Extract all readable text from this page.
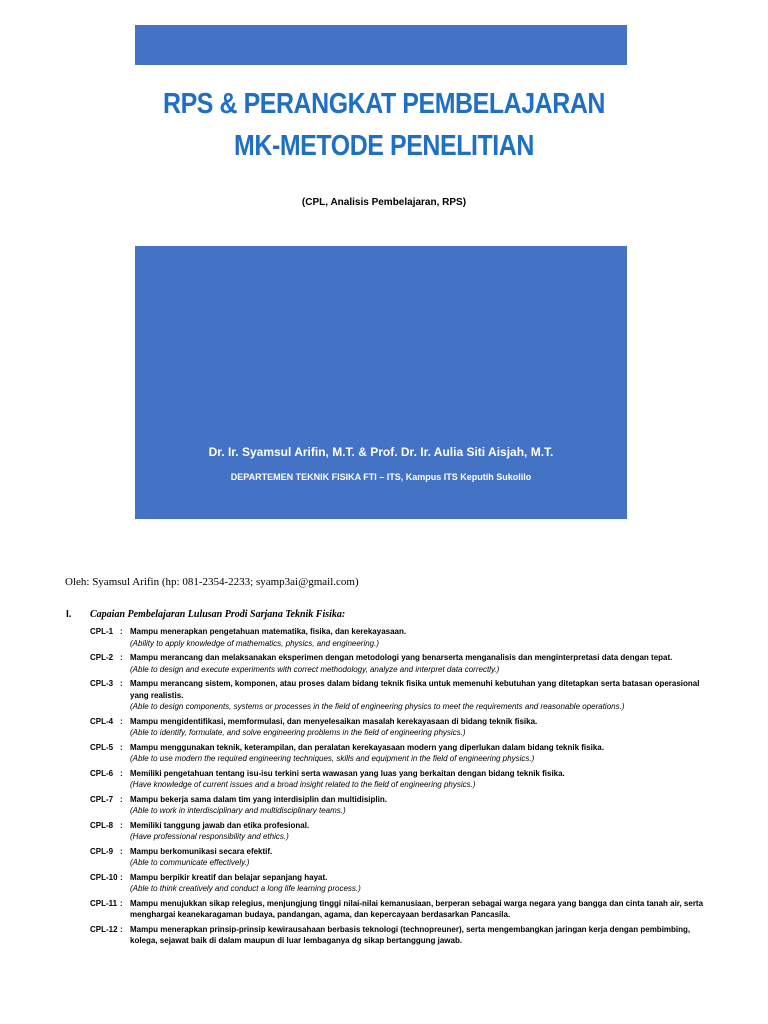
RPS & PERANGKAT PEMBELAJARAN
MK-METODE PENELITIAN
(CPL, Analisis Pembelajaran, RPS)
Dr. Ir. Syamsul Arifin, M.T. & Prof. Dr. Ir. Aulia Siti Aisjah, M.T.
DEPARTEMEN TEKNIK FISIKA FTI – ITS, Kampus ITS Keputih Sukolilo
Oleh: Syamsul Arifin (hp: 081-2354-2233; syamp3ai@gmail.com)
I.	Capaian Pembelajaran Lulusan Prodi Sarjana Teknik Fisika:
CPL-1 : Mampu menerapkan pengetahuan matematika, fisika, dan kerekayasaan.
(Ability to apply knowledge of mathematics, physics, and engineering.)
CPL-2 : Mampu merancang dan melaksanakan eksperimen dengan metodologi yang benarserta menganalisis dan menginterpretasi data dengan tepat.
(Able to design and execute experiments with correct methodology, analyze and interpret data correctly.)
CPL-3 : Mampu merancang sistem, komponen, atau proses dalam bidang teknik fisika untuk memenuhi kebutuhan yang ditetapkan serta batasan operasional yang realistis.
(Able to design components, systems or processes in the field of engineering physics to meet the requirements and reasonable operations.)
CPL-4 : Mampu mengidentifikasi, memformulasi, dan menyelesaikan masalah kerekayasaan di bidang teknik fisika.
(Able to identify, formulate, and solve engineering problems in the field of engineering physics.)
CPL-5 : Mampu menggunakan teknik, keterampilan, dan peralatan kerekayasaan modern yang diperlukan dalam bidang teknik fisika.
(Able to use modern the required engineering techniques, skills and equipment in the field of engineering physics.)
CPL-6 : Memiliki pengetahuan tentang isu-isu terkini serta wawasan yang luas yang berkaitan dengan bidang teknik fisika.
(Have knowledge of current issues and a broad insight related to the field of engineering physics.)
CPL-7 : Mampu bekerja sama dalam tim yang interdisiplin dan multidisiplin.
(Able to work in interdisciplinary and multidisciplinary teams.)
CPL-8 : Memiliki tanggung jawab dan etika profesional.
(Have professional responsibility and ethics.)
CPL-9 : Mampu berkomunikasi secara efektif.
(Able to communicate effectively.)
CPL-10 : Mampu berpikir kreatif dan belajar sepanjang hayat.
(Able to think creatively and conduct a long life learning process.)
CPL-11 : Mampu menujukkan sikap relegius, menjungjung tinggi nilai-nilai kemanusiaan, berperan sebagai warga negara yang bangga dan cinta tanah air, serta menghargai keanekaragaman budaya, pandangan, agama, dan kepercayaan berdasarkan Pancasila.
CPL-12 : Mampu menerapkan prinsip-prinsip kewirausahaan berbasis teknologi (technopreuner), serta mengembangkan jaringan kerja dengan pembimbing, kolega, sejawat baik di dalam maupun di luar lembaganya dg sikap bertanggung jawab.
